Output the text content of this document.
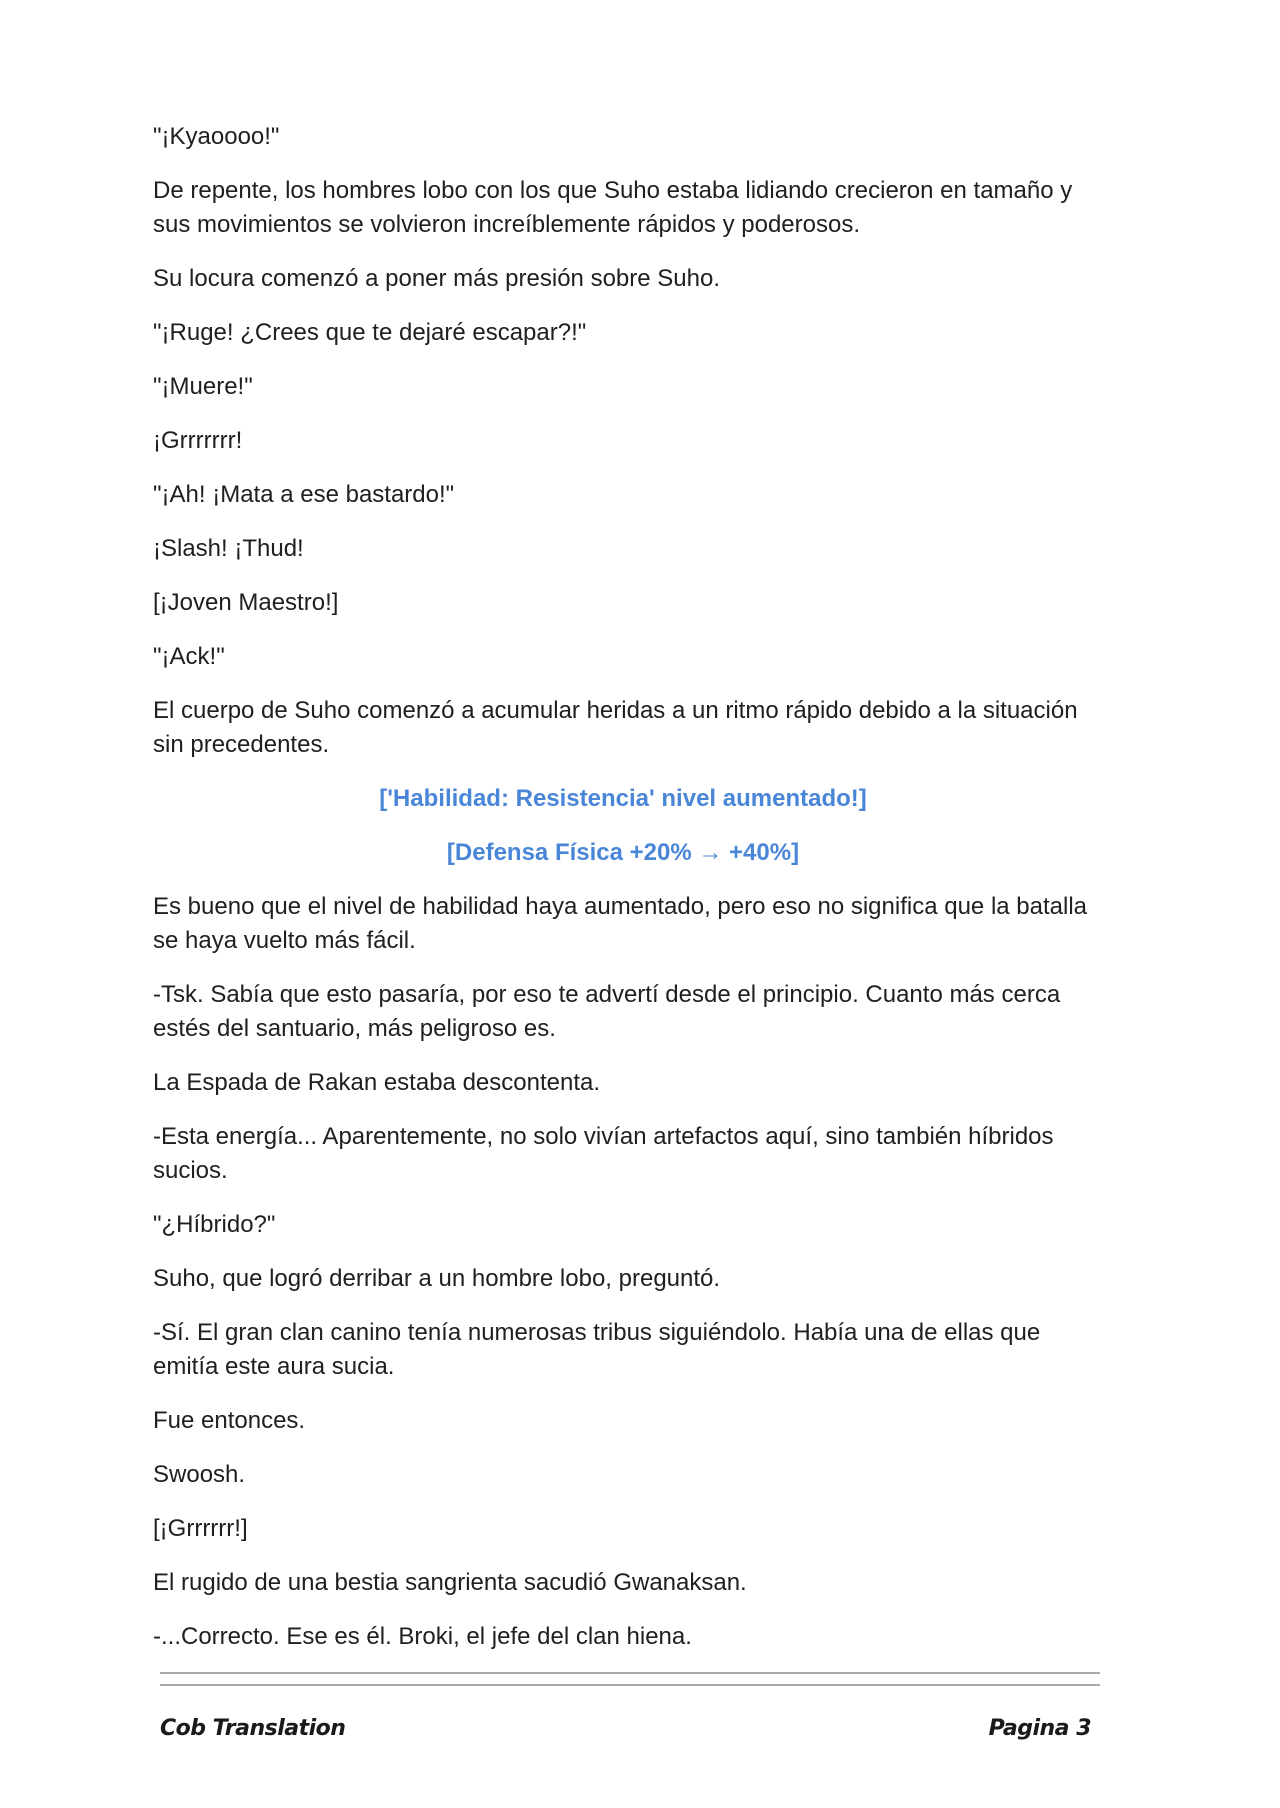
"¡Kyaoooo!"

De repente, los hombres lobo con los que Suho estaba lidiando crecieron en tamaño y sus movimientos se volvieron increíblemente rápidos y poderosos.

Su locura comenzó a poner más presión sobre Suho.

"¡Ruge! ¿Crees que te dejaré escapar?!"

"¡Muere!"

¡Grrrrrrr!

"¡Ah! ¡Mata a ese bastardo!"

¡Slash! ¡Thud!

[¡Joven Maestro!]

"¡Ack!"

El cuerpo de Suho comenzó a acumular heridas a un ritmo rápido debido a la situación sin precedentes.

['Habilidad: Resistencia' nivel aumentado!]

[Defensa Física +20% → +40%]

Es bueno que el nivel de habilidad haya aumentado, pero eso no significa que la batalla se haya vuelto más fácil.

-Tsk. Sabía que esto pasaría, por eso te advertí desde el principio. Cuanto más cerca estés del santuario, más peligroso es.

La Espada de Rakan estaba descontenta.

-Esta energía... Aparentemente, no solo vivían artefactos aquí, sino también híbridos sucios.

"¿Híbrido?"

Suho, que logró derribar a un hombre lobo, preguntó.

-Sí. El gran clan canino tenía numerosas tribus siguiéndolo. Había una de ellas que emitía este aura sucia.

Fue entonces.

Swoosh.

[¡Grrrrrr!]

El rugido de una bestia sangrienta sacudió Gwanaksan.

-...Correcto. Ese es él. Broki, el jefe del clan hiena.

Cob Translation	Pagina 3
